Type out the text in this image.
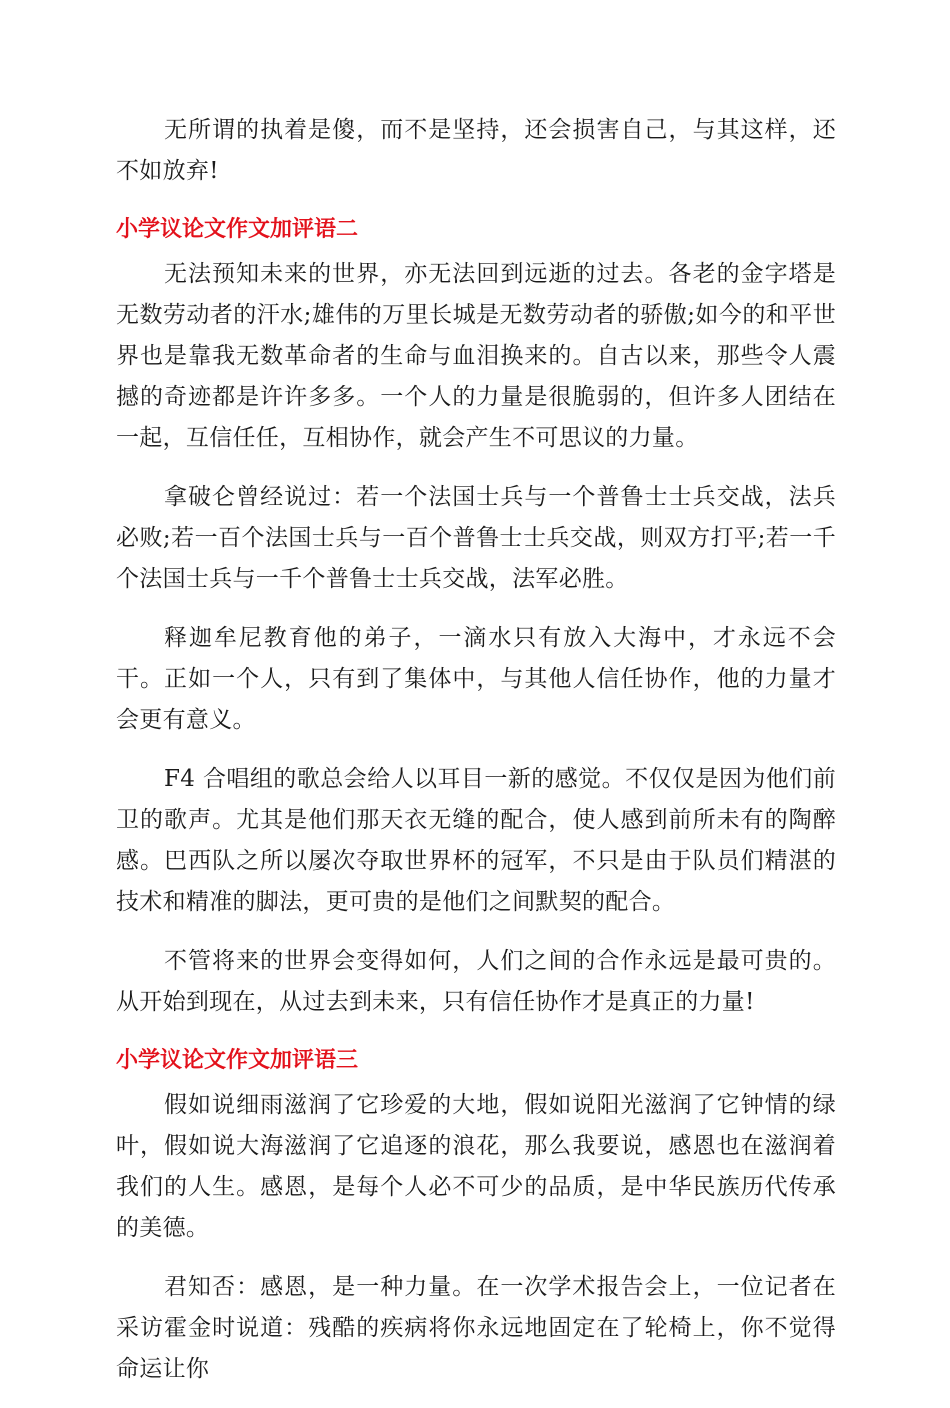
无所谓的执着是傻，而不是坚持，还会损害自己，与其这样，还不如放弃!

小学议论文作文加评语二

无法预知未来的世界，亦无法回到远逝的过去。各老的金字塔是无数劳动者的汗水;雄伟的万里长城是无数劳动者的骄傲;如今的和平世界也是靠我无数革命者的生命与血泪换来的。自古以来，那些令人震撼的奇迹都是许许多多。一个人的力量是很脆弱的，但许多人团结在一起，互信任任，互相协作，就会产生不可思议的力量。

拿破仑曾经说过：若一个法国士兵与一个普鲁士士兵交战，法兵必败;若一百个法国士兵与一百个普鲁士士兵交战，则双方打平;若一千个法国士兵与一千个普鲁士士兵交战，法军必胜。

释迦牟尼教育他的弟子，一滴水只有放入大海中，才永远不会干。正如一个人，只有到了集体中，与其他人信任协作，他的力量才会更有意义。

F4 合唱组的歌总会给人以耳目一新的感觉。不仅仅是因为他们前卫的歌声。尤其是他们那天衣无缝的配合，使人感到前所未有的陶醉感。巴西队之所以屡次夺取世界杯的冠军，不只是由于队员们精湛的技术和精准的脚法，更可贵的是他们之间默契的配合。

不管将来的世界会变得如何，人们之间的合作永远是最可贵的。从开始到现在，从过去到未来，只有信任协作才是真正的力量!

小学议论文作文加评语三

假如说细雨滋润了它珍爱的大地，假如说阳光滋润了它钟情的绿叶，假如说大海滋润了它追逐的浪花，那么我要说，感恩也在滋润着我们的人生。感恩，是每个人必不可少的品质，是中华民族历代传承的美德。

君知否：感恩，是一种力量。在一次学术报告会上，一位记者在采访霍金时说道：残酷的疾病将你永远地固定在了轮椅上，你不觉得命运让你
